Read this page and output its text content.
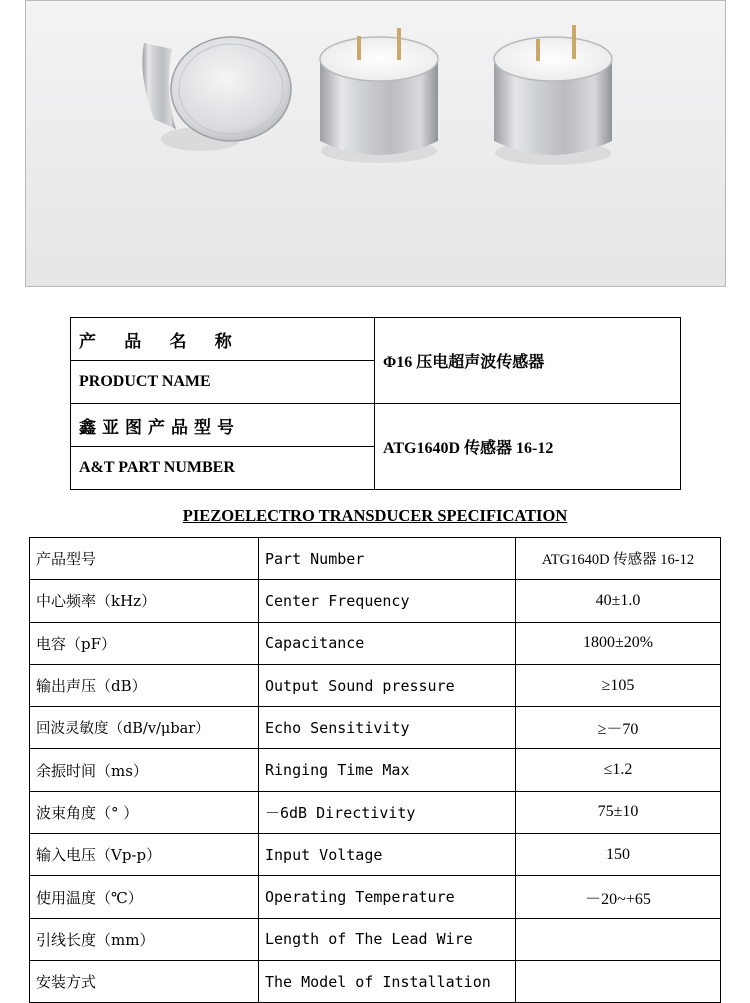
产 品 名 称	Φ16 压电超声波传感器
PRODUCT NAME	
鑫亚图产品型号	ATG1640D 传感器 16-12
A&T PART NUMBER	
PIEZOELECTRO TRANSDUCER SPECIFICATION
产品型号	Part Number	ATG1640D 传感器 16-12
中心频率（kHz）	Center Frequency	40±1.0
电容（pF）	Capacitance	1800±20%
输出声压（dB）	Output Sound pressure	≥105
回波灵敏度（dB/v/μbar）	Echo Sensitivity	≥－70
余振时间（ms）	Ringing Time Max	≤1.2
波束角度（° ）	－6dB Directivity	75±10
输入电压（Vp-p）	Input Voltage	150
使用温度（℃）	Operating Temperature	－20~+65
引线长度（mm）	Length of The Lead Wire	
安装方式	The Model of Installation	
